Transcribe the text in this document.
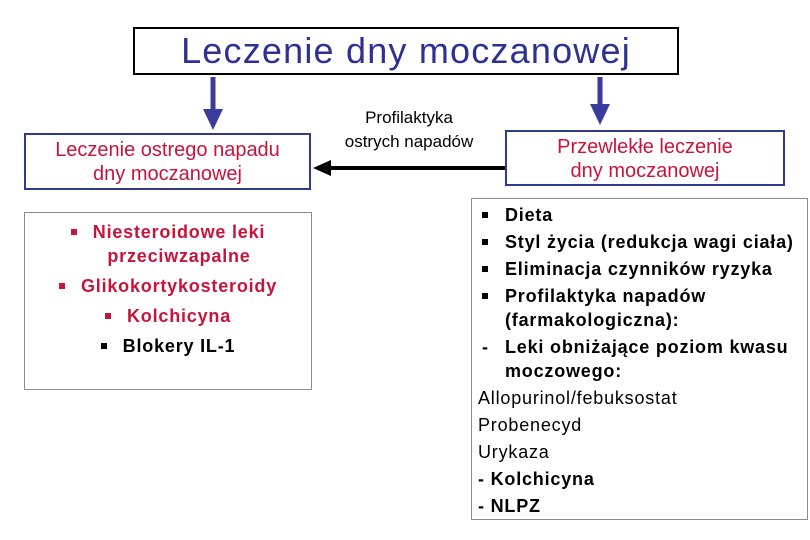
Leczenie dny moczanowej
Leczenie ostrego napadu
dny moczanowej
Profilaktyka
ostrych napadów	Przewlekłe leczenie
dny moczanowej
Niesteroidowe leki
przeciwzapalne
Glikokortykosteroidy
Kolchicyna
Blokery IL-1
Dieta
Styl życia (redukcja wagi ciała)
Eliminacja czynników ryzyka
Profilaktyka napadów
(farmakologiczna):
- Leki obniżające poziom kwasu
moczowego:
Allopurinol/febuksostat
Probenecyd
Urykaza
- Kolchicyna
- NLPZ
